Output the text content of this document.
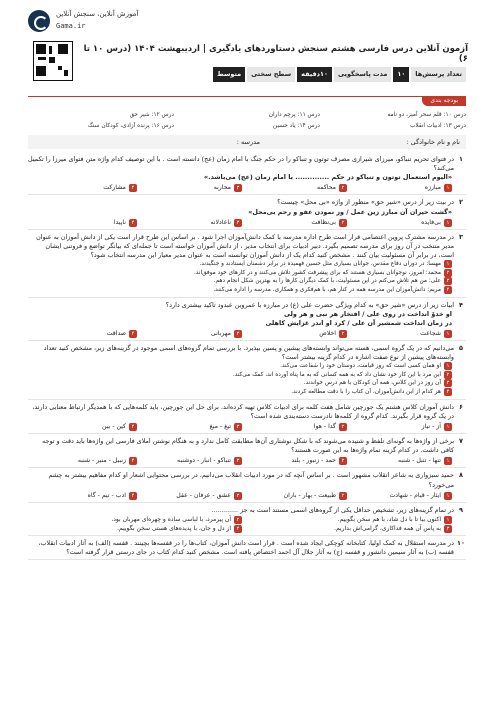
آموزش آنلاین، سنجش آنلاین
Gama.ir
آزمون آنلاین درس فارسی هشتم سنجش دستاوردهای یادگیری | اردیبهشت ۱۴۰۴ (درس ۱۰ تا ۶)
تعداد پرسش‌ها
۱۰
مدت پاسخگویی
۱۰دقیقه
سطح سختی
متوسط
بودجه بندی
درس ۱۰: قلم سحر آمیز، دو نامه
درس ۱۱: پرچم داران
درس ۱۲: شیر حق
درس ۱۳: ادبیات انقلاب
درس ۱۴: یاد حسین
درس ۱۶: پرنده آزادی، کودکان سنگ
نام و نام خانوادگی :
مدرسه :
۱
در فتوای تحریم تنباکو، میرزای شیرازی مصرف توتون و تنباکو را در حکم جنگ با امام زمان (عج) دانسته است . با این توصیف کدام واژه متن فتوای میرزا را تکمیل می‌کند؟
«الیوم استعمال توتون و تنباکو در حکم .............. با امام زمان (عج) می‌باشد.»
۱مبارزه
۲محاکمه
۳محاربه
۴مشارکت
۲
در بیت زیر از درس «شیر حق» منظور از واژه «بی محل» چیست؟
«گشت حیران آن مبارز زین عمل / وز نمودن عفو و رحم بی‌محل»
۱بی‌فایده
۲بی‌نظافت
۳ناعادلانه
۴ناپیدا
۳
در مدرسه مشترک پروین اعتصامی قرار است طرح اداره مدرسه با کمک دانش‌آموزان اجرا شود . بر اساس این طرح قرار است یکی از دانش آموزان به عنوان مدیر منتخب در آن روز برای مدرسه تصمیم بگیرد. دبیر ادبیات برای انتخاب مدیر ، از دانش آموزان خواسته است تا جمله‌ای که بیانگر تواضع و فروتنی ایشان است، در برابر آن مسئولیت بیان کنند . مشخص کنید کدام یک از دانش آموزان توانسته است به عنوان مدیر معیار این مدرسه انتخاب شود؟
۱مهسا: در دوران دفاع مقدس، جوانان بسیاری مثل حسین فهمیده در برابر دشمنان ایستادند و جنگیدند.
۲محمد: امروز، نوجوانان بسیاری هستند که برای پیشرفت کشور تلاش می‌کنند و در کارهای خود موفق‌اند.
۳علی: من هم تلاش می‌کنم در این مسئولیت، با کمک دیگران کارها را به بهترین شکل انجام دهم.
۴مریم: دانش‌آموزان این مدرسه همه در کنار هم، با هم‌فکری و همکاری، مدرسه را اداره می‌کنند.
۴
ابیات زیر از درس «شیر حق» به کدام ویژگی حضرت علی (ع) در مبارزه با عمروبن عبدود تاکید بیشتری دارد؟
او خدوْ انداخت در روی علی / افتخار هر نبی و هر ولی
در زمان انداخت شمشیر آن علی / کرد او اندر غزایش کاهلی
۱شجاعت
۲اخلاص
۳مهربانی
۴صداقت
۵
می‌دانیم که در یک گروه اسمی، هسته می‌تواند وابسته‌های پیشین و پسین بپذیرد. با بررسی تمام گروه‌های اسمی موجود در گزینه‌های زیر، مشخص کنید تعداد وابسته‌های پیشین از نوع صفت اشاره در کدام گزینه بیشتر است؟
۱او همان کسی است که روز قیامت، دوستان خود را شفاعت می‌کند.
۲این مرد با این کار خود نشان داد که به همه کسانی که به ما پناه آورده اند، کمک می‌کند.
۳آن روز در این کلاس، همه آن کودکان با هم درس خواندند.
۴هر کدام از این دانش‌آموزان، آن کتاب را با دقت مطالعه کردند.
۶
دانش آموزان کلاس هشتم یک جورچین شامل هفت کلمه برای ادبیات کلاس تهیه کرده‌اند. برای حل این جورچین، باید کلمه‌هایی که با همدیگر ارتباط معنایی دارند، در یک گروه قرار بگیرند. کدام گروه از کلمه‌ها نادرست دسته‌بندی شده است؟
۱آز - نیاز
۲گدا - هوا
۳تیغ - میغ
۴کین - بین
۷
برخی از واژه‌ها به گونه‌ای تلفظ و شنیده می‌شوند که با شکل نوشتاری آن‌ها مطابقت کامل ندارد و به هنگام نوشتن املای فارسی این واژه‌ها باید دقت و توجه کافی داشت. در کدام گزینه تمام واژه‌ها به این صورت هستند؟
۱تنها - تنبل - شنبه
۲حمد - زنبور - بلند
۳تنباکو - انبار - دوشنبه
۴زنبیل - منبر - شنبه
۸
حمید سبزواری به شاعر انقلاب مشهور است . بر اساس آنچه که در مورد ادبیات انقلاب می‌دانیم، در بررسی محتوایی اشعار او کدام مفاهیم بیشتر به چشم می‌خورد؟
۱ایثار - قیام - شهادت
۲طبیعت - بهار - باران
۳عشق - عرفان - عقل
۴ادب - تیم - گاه
۹
در تمام گزینه‌های زیر، تشخیص حداقل یکی از گروه‌های اسمی مستند است به جز .............
۱اکنون بیا تا با دل شاد، با هم سخن بگوییم.
۲آن پیرمرد، با لباسی ساده و چهره‌ای مهربان بود.
۳به پاس آن همه فداکاری، گرامی‌اش بداریم.
۴از دل و جان، با پدیده‌های هستی سخن بگوییم.
۱۰
در مدرسه استقلال به کمک اولیا، کتابخانه کوچکی ایجاد شده است . قرار است دانش آموزان، کتاب‌ها را در قفسه‌ها بچینند . قفسه (الف) به آثار ادبیات انقلاب، قفسه (ب) به آثار سیمین دانشور و قفسه (ج) به آثار جلال آل احمد اختصاص یافته است. مشخص کنید کدام کتاب در جای درستی قرار گرفته است؟
